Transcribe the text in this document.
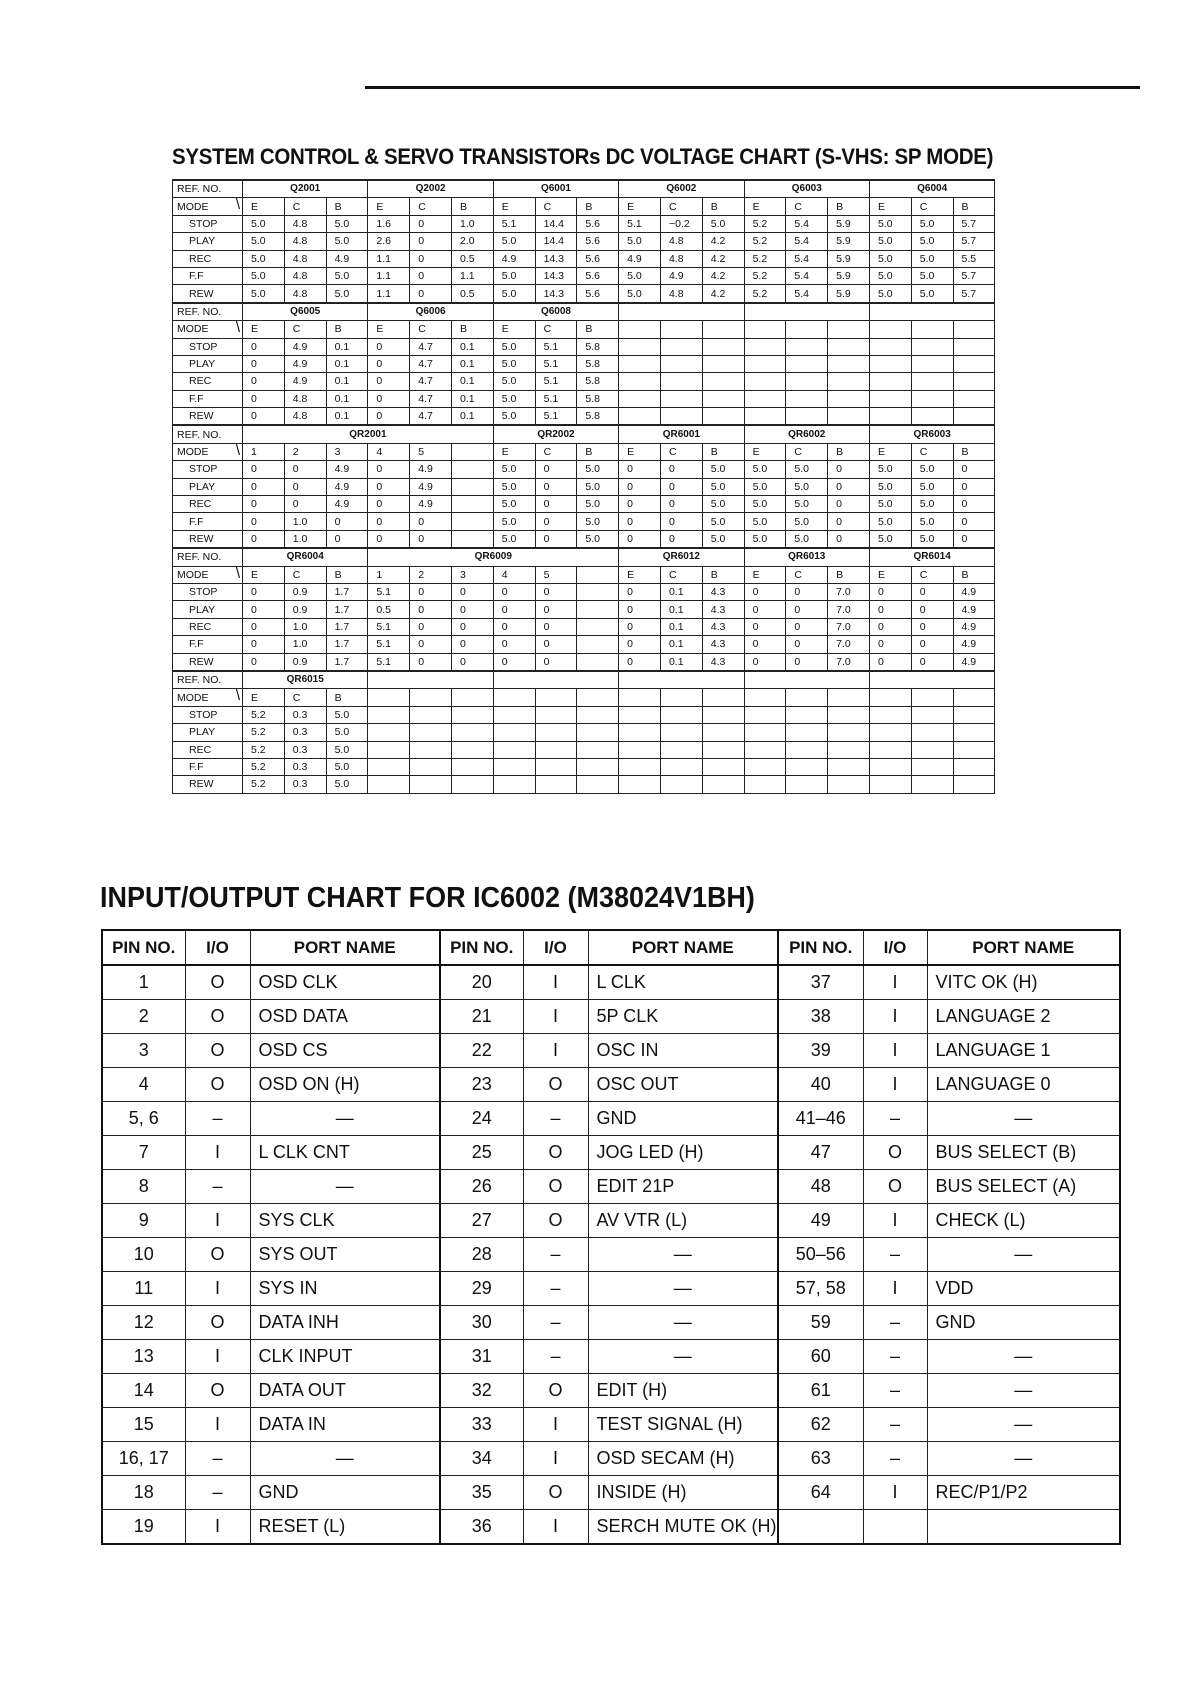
SYSTEM CONTROL & SERVO TRANSISTORs DC VOLTAGE CHART (S-VHS: SP MODE)
REF. NO.	Q2001			Q2002			Q6001			Q6002			Q6003			Q6004		
MODE \	E	C	B	E	C	B	E	C	B	E	C	B	E	C	B	E	C	B
STOP	5.0	4.8	5.0	1.6	0	1.0	5.1	14.4	5.6	5.1	−0.2	5.0	5.2	5.4	5.9	5.0	5.0	5.7
PLAY	5.0	4.8	5.0	2.6	0	2.0	5.0	14.4	5.6	5.0	4.8	4.2	5.2	5.4	5.9	5.0	5.0	5.7
REC	5.0	4.8	4.9	1.1	0	0.5	4.9	14.3	5.6	4.9	4.8	4.2	5.2	5.4	5.9	5.0	5.0	5.5
F.F	5.0	4.8	5.0	1.1	0	1.1	5.0	14.3	5.6	5.0	4.9	4.2	5.2	5.4	5.9	5.0	5.0	5.7
REW	5.0	4.8	5.0	1.1	0	0.5	5.0	14.3	5.6	5.0	4.8	4.2	5.2	5.4	5.9	5.0	5.0	5.7
REF. NO.	Q6005			Q6006			Q6008											
MODE \	E	C	B	E	C	B	E	C	B									
STOP	0	4.9	0.1	0	4.7	0.1	5.0	5.1	5.8									
PLAY	0	4.9	0.1	0	4.7	0.1	5.0	5.1	5.8									
REC	0	4.9	0.1	0	4.7	0.1	5.0	5.1	5.8									
F.F	0	4.8	0.1	0	4.7	0.1	5.0	5.1	5.8									
REW	0	4.8	0.1	0	4.7	0.1	5.0	5.1	5.8									
REF. NO.	QR2001						QR2002			QR6001			QR6002			QR6003		
MODE \	1	2	3	4	5		E	C	B	E	C	B	E	C	B	E	C	B
STOP	0	0	4.9	0	4.9		5.0	0	5.0	0	0	5.0	5.0	5.0	0	5.0	5.0	0
PLAY	0	0	4.9	0	4.9		5.0	0	5.0	0	0	5.0	5.0	5.0	0	5.0	5.0	0
REC	0	0	4.9	0	4.9		5.0	0	5.0	0	0	5.0	5.0	5.0	0	5.0	5.0	0
F.F	0	1.0	0	0	0		5.0	0	5.0	0	0	5.0	5.0	5.0	0	5.0	5.0	0
REW	0	1.0	0	0	0		5.0	0	5.0	0	0	5.0	5.0	5.0	0	5.0	5.0	0
REF. NO.	QR6004			QR6009						QR6012			QR6013			QR6014		
MODE \	E	C	B	1	2	3	4	5		E	C	B	E	C	B	E	C	B
STOP	0	0.9	1.7	5.1	0	0	0	0		0	0.1	4.3	0	0	7.0	0	0	4.9
PLAY	0	0.9	1.7	0.5	0	0	0	0		0	0.1	4.3	0	0	7.0	0	0	4.9
REC	0	1.0	1.7	5.1	0	0	0	0		0	0.1	4.3	0	0	7.0	0	0	4.9
F.F	0	1.0	1.7	5.1	0	0	0	0		0	0.1	4.3	0	0	7.0	0	0	4.9
REW	0	0.9	1.7	5.1	0	0	0	0		0	0.1	4.3	0	0	7.0	0	0	4.9
REF. NO.	QR6015																	
MODE \	E	C	B															
STOP	5.2	0.3	5.0															
PLAY	5.2	0.3	5.0															
REC	5.2	0.3	5.0															
F.F	5.2	0.3	5.0															
REW	5.2	0.3	5.0															
INPUT/OUTPUT CHART FOR IC6002 (M38024V1BH)
PIN NO.	I/O	PORT NAME	PIN NO.	I/O	PORT NAME	PIN NO.	I/O	PORT NAME
1	O	OSD CLK	20	I	L CLK	37	I	VITC OK (H)
2	O	OSD DATA	21	I	5P CLK	38	I	LANGUAGE 2
3	O	OSD CS	22	I	OSC IN	39	I	LANGUAGE 1
4	O	OSD ON (H)	23	O	OSC OUT	40	I	LANGUAGE 0
5, 6	–	—	24	–	GND	41–46	–	—
7	I	L CLK CNT	25	O	JOG LED (H)	47	O	BUS SELECT (B)
8	–	—	26	O	EDIT 21P	48	O	BUS SELECT (A)
9	I	SYS CLK	27	O	AV VTR (L)	49	I	CHECK (L)
10	O	SYS OUT	28	–	—	50–56	–	—
11	I	SYS IN	29	–	—	57, 58	I	VDD
12	O	DATA INH	30	–	—	59	–	GND
13	I	CLK INPUT	31	–	—	60	–	—
14	O	DATA OUT	32	O	EDIT (H)	61	–	—
15	I	DATA IN	33	I	TEST SIGNAL (H)	62	–	—
16, 17	–	—	34	I	OSD SECAM (H)	63	–	—
18	–	GND	35	O	INSIDE (H)	64	I	REC/P1/P2
19	I	RESET (L)	36	I	SERCH MUTE OK (H)			
